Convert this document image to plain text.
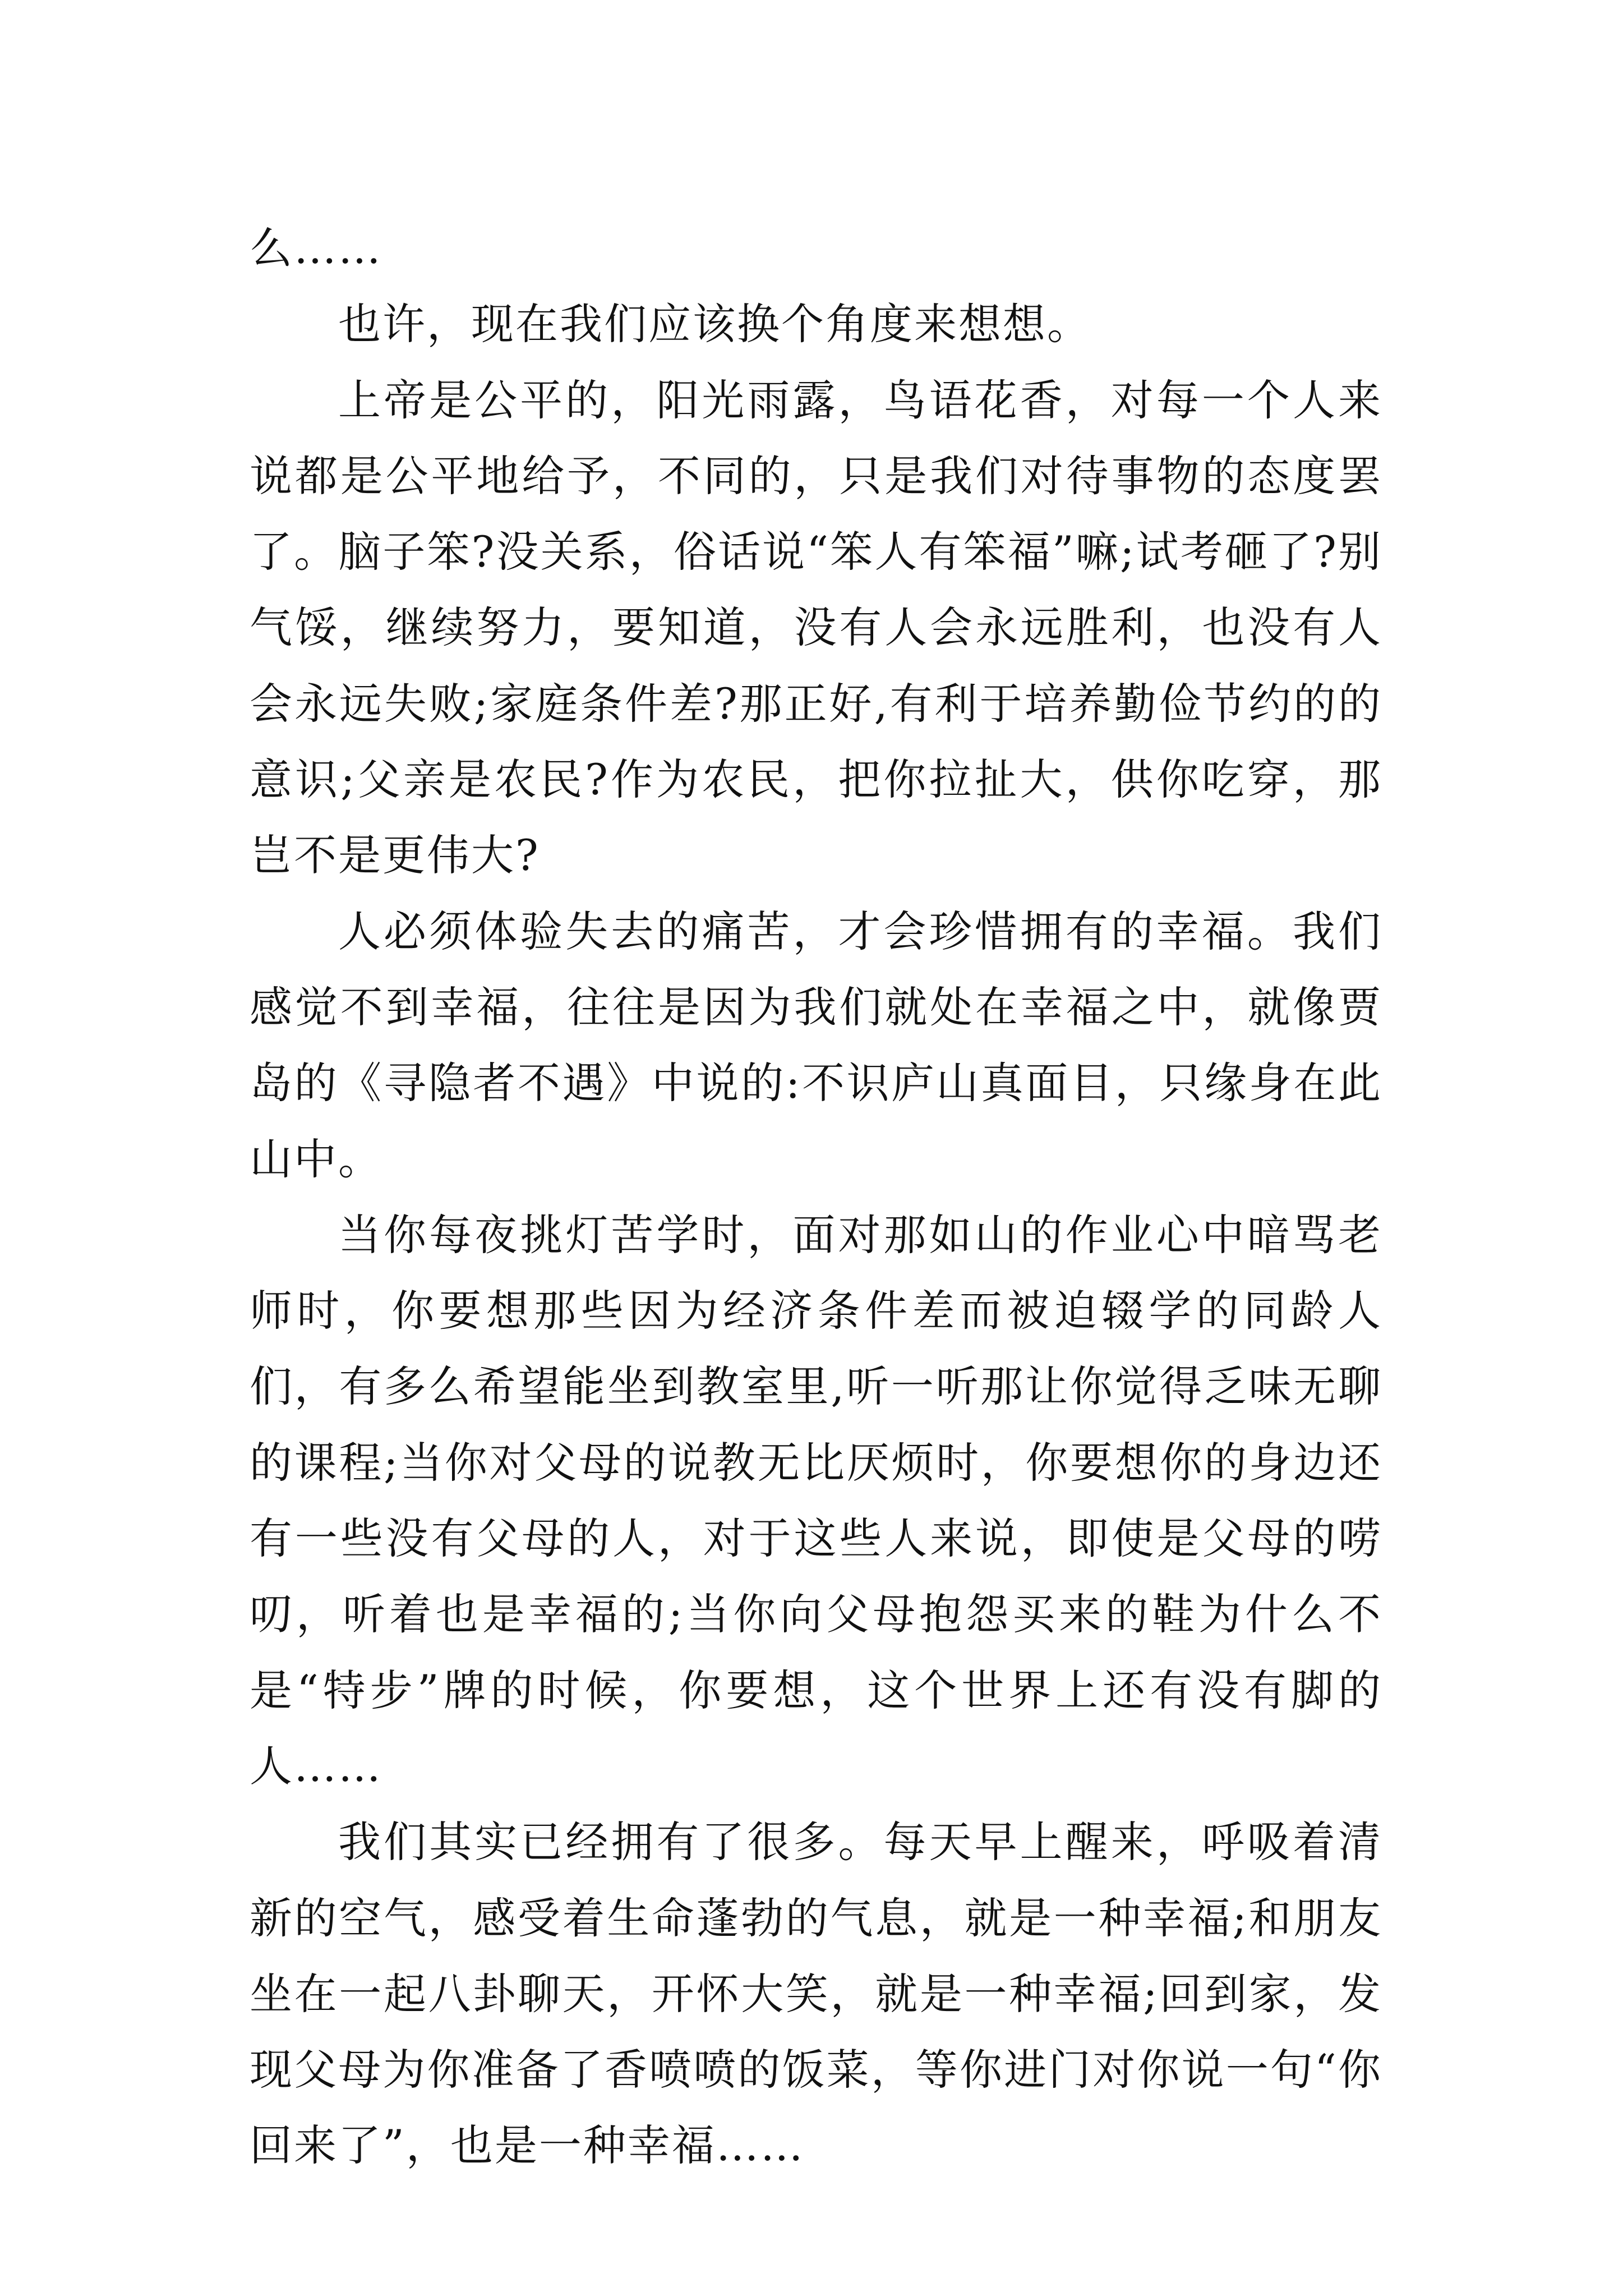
么……

也许，现在我们应该换个角度来想想。

上帝是公平的，阳光雨露，鸟语花香，对每一个人来说都是公平地给予，不同的，只是我们对待事物的态度罢了。脑子笨?没关系，俗话说“笨人有笨福”嘛;试考砸了?别气馁，继续努力，要知道，没有人会永远胜利，也没有人会永远失败;家庭条件差?那正好,有利于培养勤俭节约的的意识;父亲是农民?作为农民，把你拉扯大，供你吃穿，那岂不是更伟大?

人必须体验失去的痛苦，才会珍惜拥有的幸福。我们感觉不到幸福，往往是因为我们就处在幸福之中，就像贾岛的《寻隐者不遇》中说的:不识庐山真面目，只缘身在此山中。

当你每夜挑灯苦学时，面对那如山的作业心中暗骂老师时，你要想那些因为经济条件差而被迫辍学的同龄人们，有多么希望能坐到教室里,听一听那让你觉得乏味无聊的课程;当你对父母的说教无比厌烦时，你要想你的身边还有一些没有父母的人，对于这些人来说，即使是父母的唠叨，听着也是幸福的;当你向父母抱怨买来的鞋为什么不是“特步”牌的时候，你要想，这个世界上还有没有脚的人……

我们其实已经拥有了很多。每天早上醒来，呼吸着清新的空气，感受着生命蓬勃的气息，就是一种幸福;和朋友坐在一起八卦聊天，开怀大笑，就是一种幸福;回到家，发现父母为你准备了香喷喷的饭菜，等你进门对你说一句“你回来了”，也是一种幸福……
